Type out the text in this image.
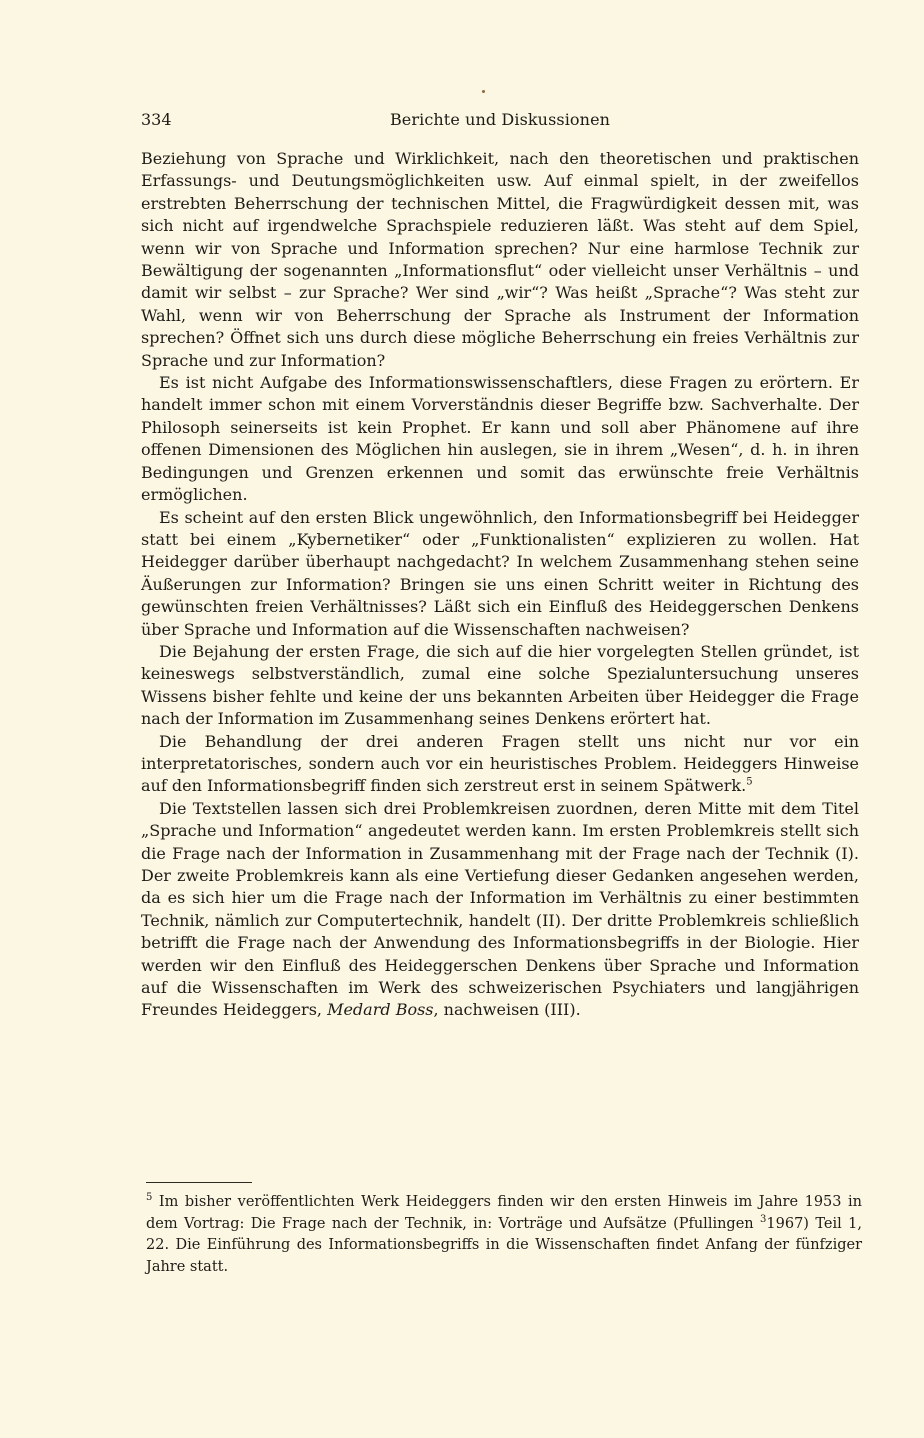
334	Berichte und Diskussionen

Beziehung von Sprache und Wirklichkeit, nach den theoretischen und praktischen Erfassungs- und Deutungsmöglichkeiten usw. Auf einmal spielt, in der zweifellos erstrebten Beherrschung der technischen Mittel, die Fragwürdigkeit dessen mit, was sich nicht auf irgendwelche Sprachspiele reduzieren läßt. Was steht auf dem Spiel, wenn wir von Sprache und Information sprechen? Nur eine harmlose Technik zur Bewältigung der sogenannten „Informationsflut“ oder vielleicht unser Verhältnis – und damit wir selbst – zur Sprache? Wer sind „wir“? Was heißt „Sprache“? Was steht zur Wahl, wenn wir von Beherrschung der Sprache als Instrument der Information sprechen? Öffnet sich uns durch diese mögliche Beherrschung ein freies Verhältnis zur Sprache und zur Information?

Es ist nicht Aufgabe des Informationswissenschaftlers, diese Fragen zu erörtern. Er handelt immer schon mit einem Vorverständnis dieser Begriffe bzw. Sachverhalte. Der Philosoph seinerseits ist kein Prophet. Er kann und soll aber Phänomene auf ihre offenen Dimensionen des Möglichen hin auslegen, sie in ihrem „Wesen“, d. h. in ihren Bedingungen und Grenzen erkennen und somit das erwünschte freie Verhältnis ermöglichen.

Es scheint auf den ersten Blick ungewöhnlich, den Informationsbegriff bei Heidegger statt bei einem „Kybernetiker“ oder „Funktionalisten“ explizieren zu wollen. Hat Heidegger darüber überhaupt nachgedacht? In welchem Zusammenhang stehen seine Äußerungen zur Information? Bringen sie uns einen Schritt weiter in Richtung des gewünschten freien Verhältnisses? Läßt sich ein Einfluß des Heideggerschen Denkens über Sprache und Information auf die Wissenschaften nachweisen?

Die Bejahung der ersten Frage, die sich auf die hier vorgelegten Stellen gründet, ist keineswegs selbstverständlich, zumal eine solche Spezialuntersuchung unseres Wissens bisher fehlte und keine der uns bekannten Arbeiten über Heidegger die Frage nach der Information im Zusammenhang seines Denkens erörtert hat.

Die Behandlung der drei anderen Fragen stellt uns nicht nur vor ein interpretatorisches, sondern auch vor ein heuristisches Problem. Heideggers Hinweise auf den Informationsbegriff finden sich zerstreut erst in seinem Spätwerk.$^5$

Die Textstellen lassen sich drei Problemkreisen zuordnen, deren Mitte mit dem Titel „Sprache und Information“ angedeutet werden kann. Im ersten Problemkreis stellt sich die Frage nach der Information in Zusammenhang mit der Frage nach der Technik (I). Der zweite Problemkreis kann als eine Vertiefung dieser Gedanken angesehen werden, da es sich hier um die Frage nach der Information im Verhältnis zu einer bestimmten Technik, nämlich zur Computertechnik, handelt (II). Der dritte Problemkreis schließlich betrifft die Frage nach der Anwendung des Informationsbegriffs in der Biologie. Hier werden wir den Einfluß des Heideggerschen Denkens über Sprache und Information auf die Wissenschaften im Werk des schweizerischen Psychiaters und langjährigen Freundes Heideggers, Medard Boss, nachweisen (III).

$^5$ Im bisher veröffentlichten Werk Heideggers finden wir den ersten Hinweis im Jahre 1953 in dem Vortrag: Die Frage nach der Technik, in: Vorträge und Aufsätze (Pfullingen $^3$1967) Teil 1, 22. Die Einführung des Informationsbegriffs in die Wissenschaften findet Anfang der fünfziger Jahre statt.
